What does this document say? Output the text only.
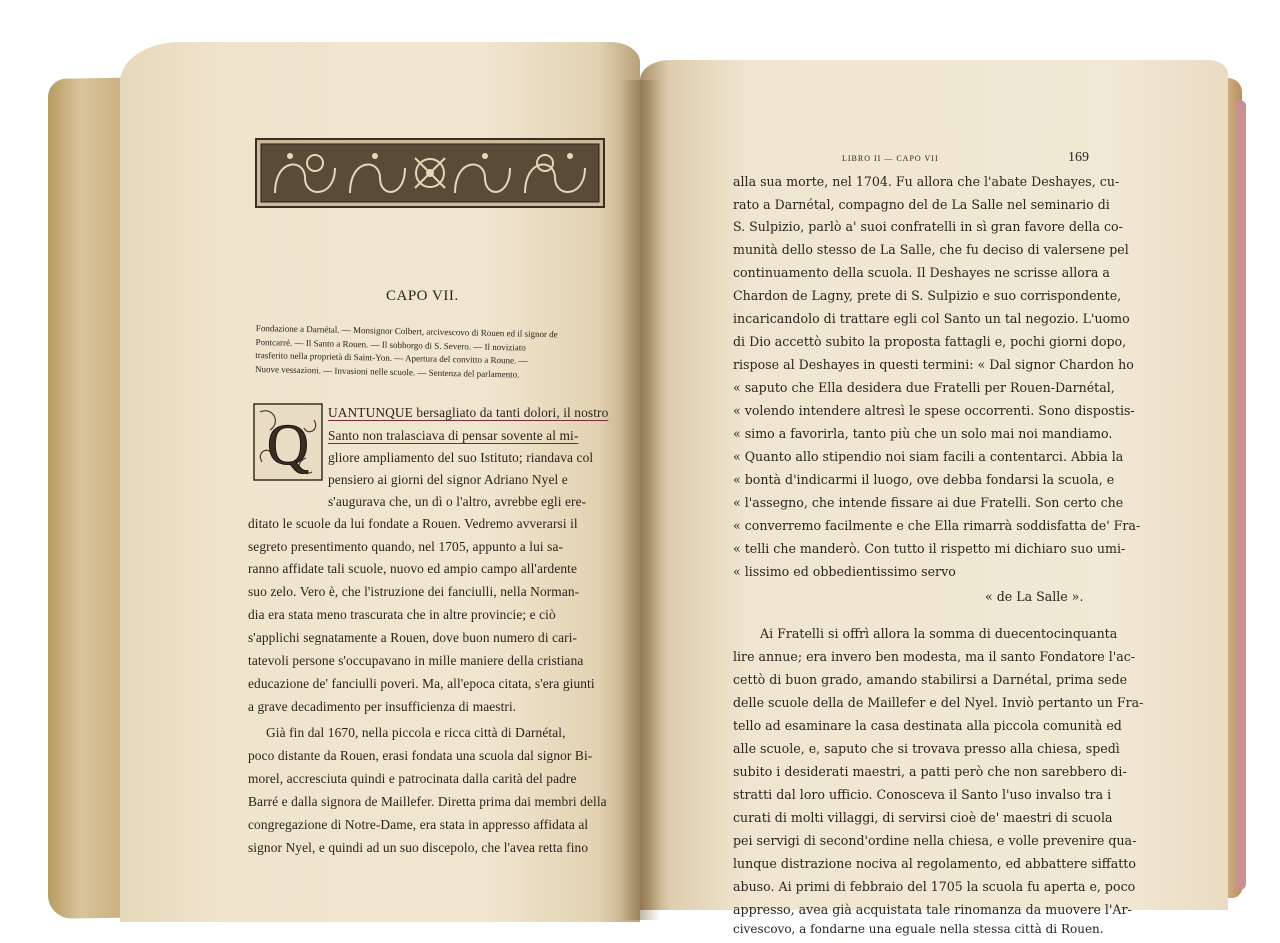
CAPO VII.
Fondazione a Darnétal. — Monsignor Colbert, arcivescovo di Rouen ed il signor de
Pontcarré. — Il Santo a Rouen. — Il sobborgo di S. Severo. — Il noviziato
trasferito nella proprietà di Saint-Yon. — Apertura del convitto a Roune. —
Nuove vessazioni. — Invasioni nelle scuole. — Sentenza del parlamento.
Q UANTUNQUE bersagliato da tanti dolori, il nostro
Santo non tralasciava di pensar sovente al mi-
gliore ampliamento del suo Istituto; riandava col
pensiero ai giorni del signor Adriano Nyel e
s'augurava che, un dì o l'altro, avrebbe egli ere-
ditato le scuole da lui fondate a Rouen. Vedremo avverarsi il
segreto presentimento quando, nel 1705, appunto a lui sa-
ranno affidate tali scuole, nuovo ed ampio campo all'ardente
suo zelo. Vero è, che l'istruzione dei fanciulli, nella Norman-
dia era stata meno trascurata che in altre provincie; e ciò
s'applichi segnatamente a Rouen, dove buon numero di cari-
tatevoli persone s'occupavano in mille maniere della cristiana
educazione de' fanciulli poveri. Ma, all'epoca citata, s'era giunti
a grave decadimento per insufficienza di maestri.
Già fin dal 1670, nella piccola e ricca città di Darnétal,
poco distante da Rouen, erasi fondata una scuola dal signor Bi-
morel, accresciuta quindi e patrocinata dalla carità del padre
Barré e dalla signora de Maillefer. Diretta prima dai membri della
congregazione di Notre-Dame, era stata in appresso affidata al
signor Nyel, e quindi ad un suo discepolo, che l'avea retta fino
LIBRO II — CAPO VII	169
alla sua morte, nel 1704. Fu allora che l'abate Deshayes, cu-
rato a Darnétal, compagno del de La Salle nel seminario di
S. Sulpizio, parlò a' suoi confratelli in sì gran favore della co-
munità dello stesso de La Salle, che fu deciso di valersene pel
continuamento della scuola. Il Deshayes ne scrisse allora a
Chardon de Lagny, prete di S. Sulpizio e suo corrispondente,
incaricandolo di trattare egli col Santo un tal negozio. L'uomo
di Dio accettò subito la proposta fattagli e, pochi giorni dopo,
rispose al Deshayes in questi termini: « Dal signor Chardon ho
« saputo che Ella desidera due Fratelli per Rouen-Darnétal,
« volendo intendere altresì le spese occorrenti. Sono dispostis-
« simo a favorirla, tanto più che un solo mai noi mandiamo.
« Quanto allo stipendio noi siam facili a contentarci. Abbia la
« bontà d'indicarmi il luogo, ove debba fondarsi la scuola, e
« l'assegno, che intende fissare ai due Fratelli. Son certo che
« converremo facilmente e che Ella rimarrà soddisfatta de' Fra-
« telli che manderò. Con tutto il rispetto mi dichiaro suo umi-
« lissimo ed obbedientissimo servo
« de La Salle ».
Ai Fratelli si offrì allora la somma di duecentocinquanta
lire annue; era invero ben modesta, ma il santo Fondatore l'ac-
cettò di buon grado, amando stabilirsi a Darnétal, prima sede
delle scuole della de Maillefer e del Nyel. Inviò pertanto un Fra-
tello ad esaminare la casa destinata alla piccola comunità ed
alle scuole, e, saputo che si trovava presso alla chiesa, spedì
subito i desiderati maestri, a patti però che non sarebbero di-
stratti dal loro ufficio. Conosceva il Santo l'uso invalso tra i
curati di molti villaggi, di servirsi cioè de' maestri di scuola
pei servigi di second'ordine nella chiesa, e volle prevenire qua-
lunque distrazione nociva al regolamento, ed abbattere siffatto
abuso. Ai primi di febbraio del 1705 la scuola fu aperta e, poco
appresso, avea già acquistata tale rinomanza da muovere l'Ar-
civescovo, a fondarne una eguale nella stessa città di Rouen.
